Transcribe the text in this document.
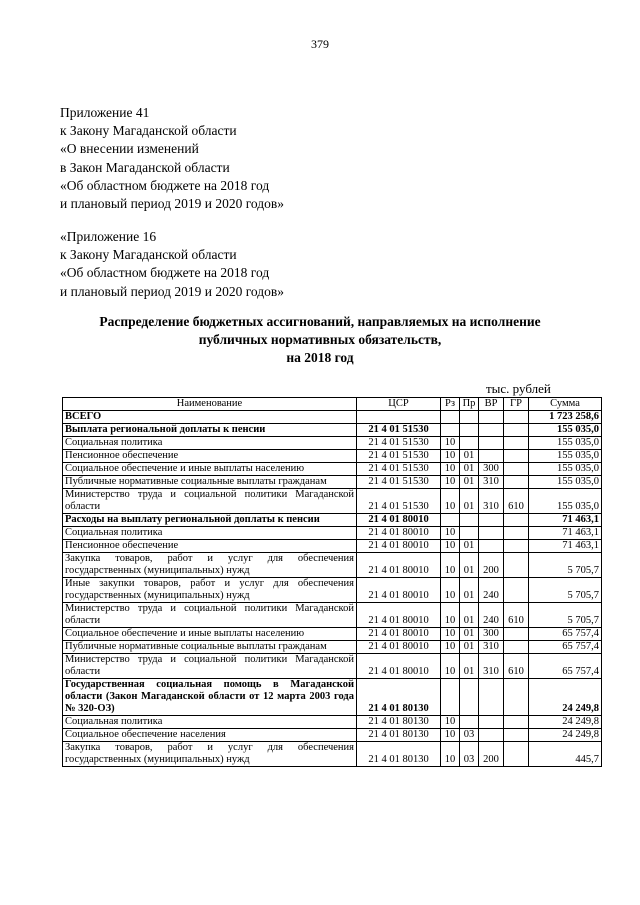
379
Приложение 41
к Закону Магаданской области
«О внесении изменений
в Закон Магаданской области
«Об областном бюджете на 2018 год
и плановый период 2019 и 2020 годов»
«Приложение 16
к Закону Магаданской области
«Об областном бюджете на 2018 год
и плановый период 2019 и 2020 годов»
Распределение бюджетных ассигнований, направляемых на исполнение
публичных нормативных обязательств,
на 2018 год
тыс. рублей
Наименование	ЦСР	Рз	Пр	ВР	ГР	Сумма
ВСЕГО						1 723 258,6
Выплата региональной доплаты к пенсии	21 4 01 51530					155 035,0
Социальная политика	21 4 01 51530	10				155 035,0
Пенсионное обеспечение	21 4 01 51530	10	01			155 035,0
Социальное обеспечение и иные выплаты населению	21 4 01 51530	10	01	300		155 035,0
Публичные нормативные социальные выплаты гражданам	21 4 01 51530	10	01	310		155 035,0
Министерство труда и социальной политики Магаданской области	21 4 01 51530	10	01	310	610	155 035,0
Расходы на выплату региональной доплаты к пенсии	21 4 01 80010					71 463,1
Социальная политика	21 4 01 80010	10				71 463,1
Пенсионное обеспечение	21 4 01 80010	10	01			71 463,1
Закупка товаров, работ и услуг для обеспечения государственных (муниципальных) нужд	21 4 01 80010	10	01	200		5 705,7
Иные закупки товаров, работ и услуг для обеспечения государственных (муниципальных) нужд	21 4 01 80010	10	01	240		5 705,7
Министерство труда и социальной политики Магаданской области	21 4 01 80010	10	01	240	610	5 705,7
Социальное обеспечение и иные выплаты населению	21 4 01 80010	10	01	300		65 757,4
Публичные нормативные социальные выплаты гражданам	21 4 01 80010	10	01	310		65 757,4
Министерство труда и социальной политики Магаданской области	21 4 01 80010	10	01	310	610	65 757,4
Государственная социальная помощь в Магаданской области (Закон Магаданской области от 12 марта 2003 года № 320-ОЗ)	21 4 01 80130					24 249,8
Социальная политика	21 4 01 80130	10				24 249,8
Социальное обеспечение населения	21 4 01 80130	10	03			24 249,8
Закупка товаров, работ и услуг для обеспечения государственных (муниципальных) нужд	21 4 01 80130	10	03	200		445,7
